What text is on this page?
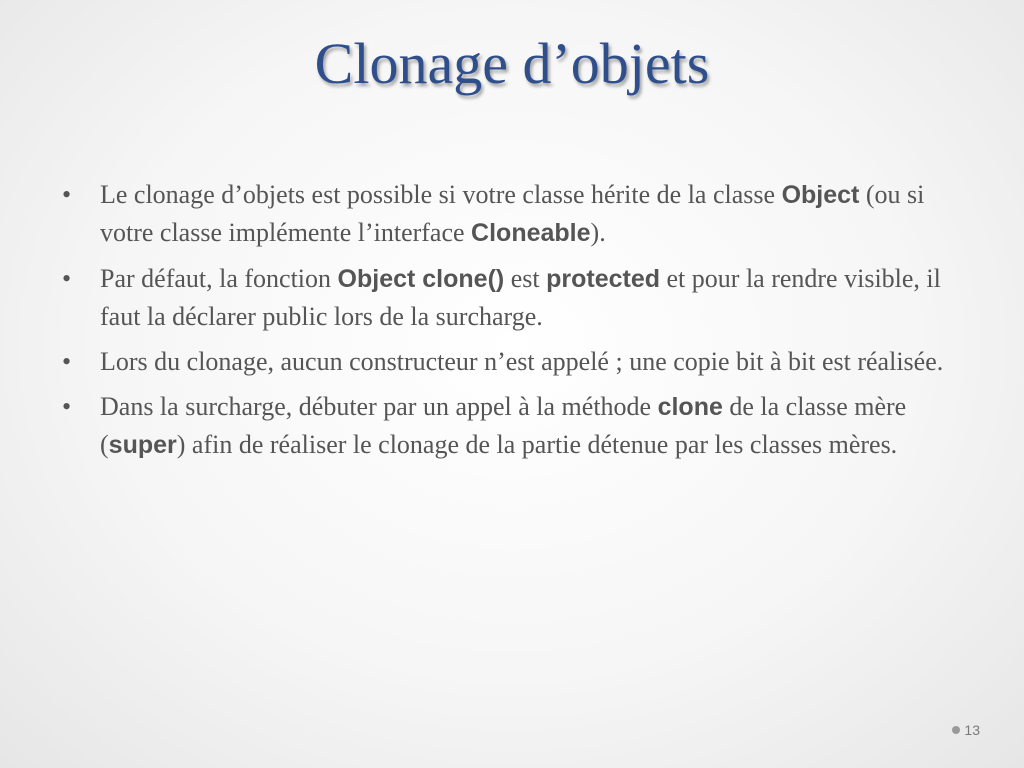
Clonage d’objets
•	Le clonage d’objets est possible si votre classe hérite de la classe Object (ou si votre classe implémente l’interface Cloneable).
•	Par défaut, la fonction Object clone() est protected et pour la rendre visible, il faut la déclarer public lors de la surcharge.
•	Lors du clonage, aucun constructeur n’est appelé ; une copie bit à bit est réalisée.
•	Dans la surcharge, débuter par un appel à la méthode clone de la classe mère (super) afin de réaliser le clonage de la partie détenue par les classes mères.
13
